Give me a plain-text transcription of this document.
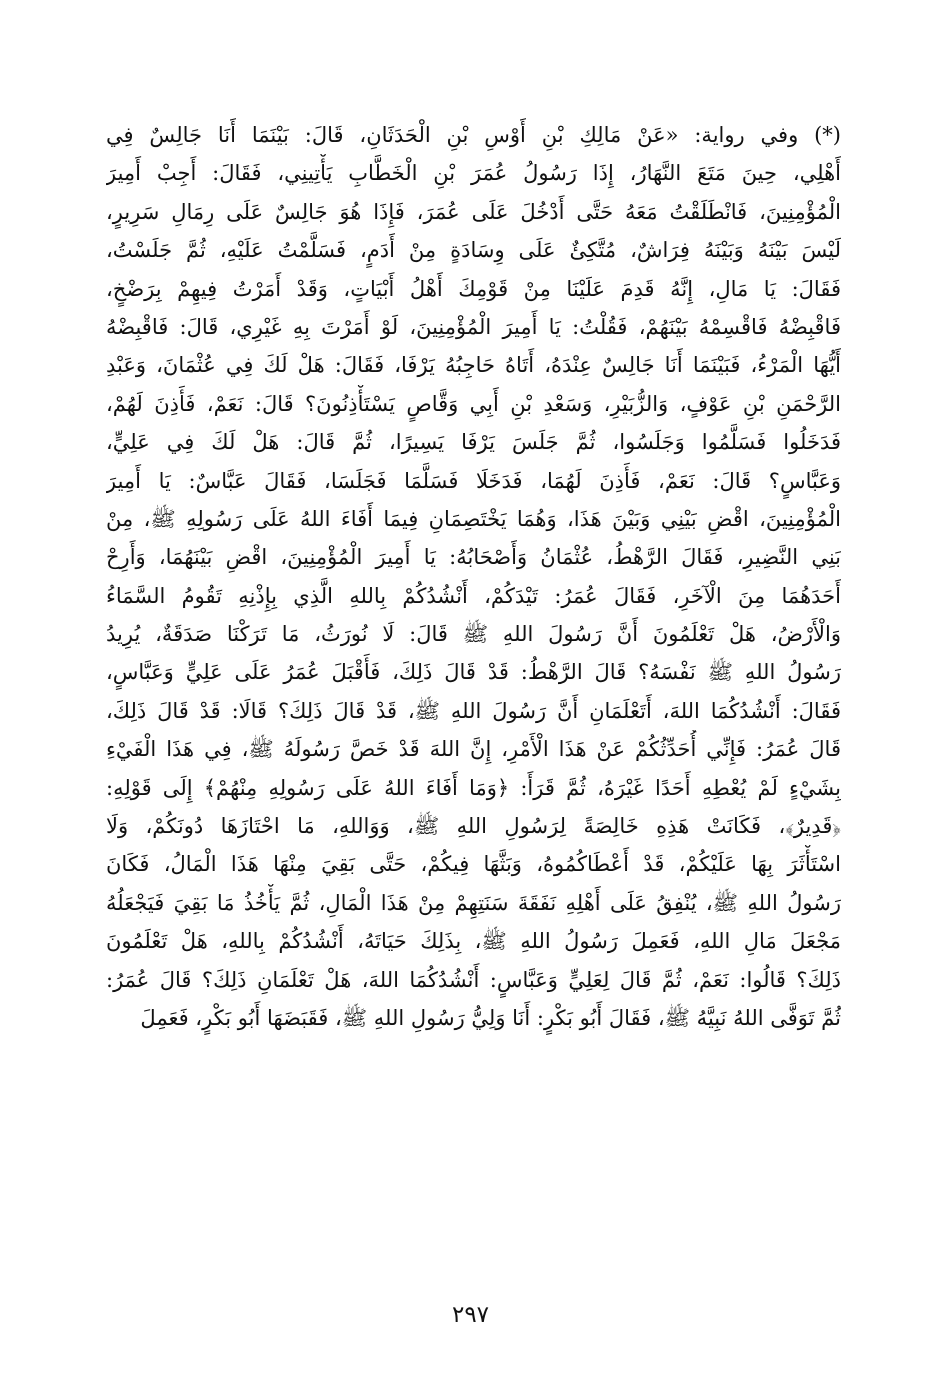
(*) وفي رواية: «عَنْ مَالِكِ بْنِ أَوْسِ بْنِ الْحَدَثَانِ، قَالَ: بَيْنَمَا أَنَا جَالِسٌ فِي
أَهْلِي، حِينَ مَتَعَ النَّهَارُ، إِذَا رَسُولُ عُمَرَ بْنِ الْخَطَّابِ يَأْتِينِي، فَقَالَ: أَجِبْ أَمِيرَ
الْمُؤْمِنِينَ، فَانْطَلَقْتُ مَعَهُ حَتَّى أَدْخُلَ عَلَى عُمَرَ، فَإِذَا هُوَ جَالِسٌ عَلَى رِمَالِ سَرِيرٍ،
لَيْسَ بَيْنَهُ وَبَيْنَهُ فِرَاشٌ، مُتَّكِئٌ عَلَى وِسَادَةٍ مِنْ أَدَمٍ، فَسَلَّمْتُ عَلَيْهِ، ثُمَّ جَلَسْتُ،
فَقَالَ: يَا مَالِ، إِنَّهُ قَدِمَ عَلَيْنَا مِنْ قَوْمِكَ أَهْلُ أَبْيَاتٍ، وَقَدْ أَمَرْتُ فِيهِمْ بِرَضْخٍ،
فَاقْبِضْهُ فَاقْسِمْهُ بَيْنَهُمْ، فَقُلْتُ: يَا أَمِيرَ الْمُؤْمِنِينَ، لَوْ أَمَرْتَ بِهِ غَيْرِي، قَالَ: فَاقْبِضْهُ
أَيُّهَا الْمَرْءُ، فَبَيْنَمَا أَنَا جَالِسٌ عِنْدَهُ، أَتَاهُ حَاجِبُهُ يَرْفَا، فَقَالَ: هَلْ لَكَ فِي عُثْمَانَ، وَعَبْدِ
الرَّحْمَنِ بْنِ عَوْفٍ، وَالزُّبَيْرِ، وَسَعْدِ بْنِ أَبِي وَقَّاصٍ يَسْتَأْذِنُونَ؟ قَالَ: نَعَمْ، فَأَذِنَ لَهُمْ،
فَدَخَلُوا فَسَلَّمُوا وَجَلَسُوا، ثُمَّ جَلَسَ يَرْفَا يَسِيرًا، ثُمَّ قَالَ: هَلْ لَكَ فِي عَلِيٍّ،
وَعَبَّاسٍ؟ قَالَ: نَعَمْ، فَأَذِنَ لَهُمَا، فَدَخَلَا فَسَلَّمَا فَجَلَسَا، فَقَالَ عَبَّاسٌ: يَا أَمِيرَ
الْمُؤْمِنِينَ، اقْضِ بَيْنِي وَبَيْنَ هَذَا، وَهُمَا يَخْتَصِمَانِ فِيمَا أَفَاءَ اللهُ عَلَى رَسُولِهِ ﷺ، مِنْ
بَنِي النَّضِيرِ، فَقَالَ الرَّهْطُ، عُثْمَانُ وَأَصْحَابُهُ: يَا أَمِيرَ الْمُؤْمِنِينَ، اقْضِ بَيْنَهُمَا، وَأَرِحْ
أَحَدَهُمَا مِنَ الْآخَرِ، فَقَالَ عُمَرُ: تَيْدَكُمْ، أَنْشُدُكُمْ بِاللهِ الَّذِي بِإِذْنِهِ تَقُومُ السَّمَاءُ
وَالْأَرْضُ، هَلْ تَعْلَمُونَ أَنَّ رَسُولَ اللهِ ﷺ قَالَ: لَا نُورَثُ، مَا تَرَكْنَا صَدَقَةٌ، يُرِيدُ
رَسُولُ اللهِ ﷺ نَفْسَهُ؟ قَالَ الرَّهْطُ: قَدْ قَالَ ذَلِكَ، فَأَقْبَلَ عُمَرُ عَلَى عَلِيٍّ وَعَبَّاسٍ،
فَقَالَ: أَنْشُدُكُمَا اللهَ، أَتَعْلَمَانِ أَنَّ رَسُولَ اللهِ ﷺ، قَدْ قَالَ ذَلِكَ؟ قَالَا: قَدْ قَالَ ذَلِكَ،
قَالَ عُمَرُ: فَإِنِّي أُحَدِّثُكُمْ عَنْ هَذَا الْأَمْرِ، إِنَّ اللهَ قَدْ خَصَّ رَسُولَهُ ﷺ، فِي هَذَا الْفَيْءِ
بِشَيْءٍ لَمْ يُعْطِهِ أَحَدًا غَيْرَهُ، ثُمَّ قَرَأَ: ﴿وَمَا أَفَاءَ اللهُ عَلَى رَسُولِهِ مِنْهُمْ﴾ إِلَى قَوْلِهِ:
﴿قَدِيرٌ﴾، فَكَانَتْ هَذِهِ خَالِصَةً لِرَسُولِ اللهِ ﷺ، وَوَاللهِ، مَا احْتَازَهَا دُونَكُمْ، وَلَا
اسْتَأْثَرَ بِهَا عَلَيْكُمْ، قَدْ أَعْطَاكُمُوهُ، وَبَثَّهَا فِيكُمْ، حَتَّى بَقِيَ مِنْهَا هَذَا الْمَالُ، فَكَانَ
رَسُولُ اللهِ ﷺ، يُنْفِقُ عَلَى أَهْلِهِ نَفَقَةَ سَنَتِهِمْ مِنْ هَذَا الْمَالِ، ثُمَّ يَأْخُذُ مَا بَقِيَ فَيَجْعَلُهُ
مَجْعَلَ مَالِ اللهِ، فَعَمِلَ رَسُولُ اللهِ ﷺ، بِذَلِكَ حَيَاتَهُ، أَنْشُدُكُمْ بِاللهِ، هَلْ تَعْلَمُونَ
ذَلِكَ؟ قَالُوا: نَعَمْ، ثُمَّ قَالَ لِعَلِيٍّ وَعَبَّاسٍ: أَنْشُدُكُمَا اللهَ، هَلْ تَعْلَمَانِ ذَلِكَ؟ قَالَ عُمَرُ:
ثُمَّ تَوَفَّى اللهُ نَبِيَّهُ ﷺ، فَقَالَ أَبُو بَكْرٍ: أَنَا وَلِيُّ رَسُولِ اللهِ ﷺ، فَقَبَضَهَا أَبُو بَكْرٍ، فَعَمِلَ
٢٩٧
